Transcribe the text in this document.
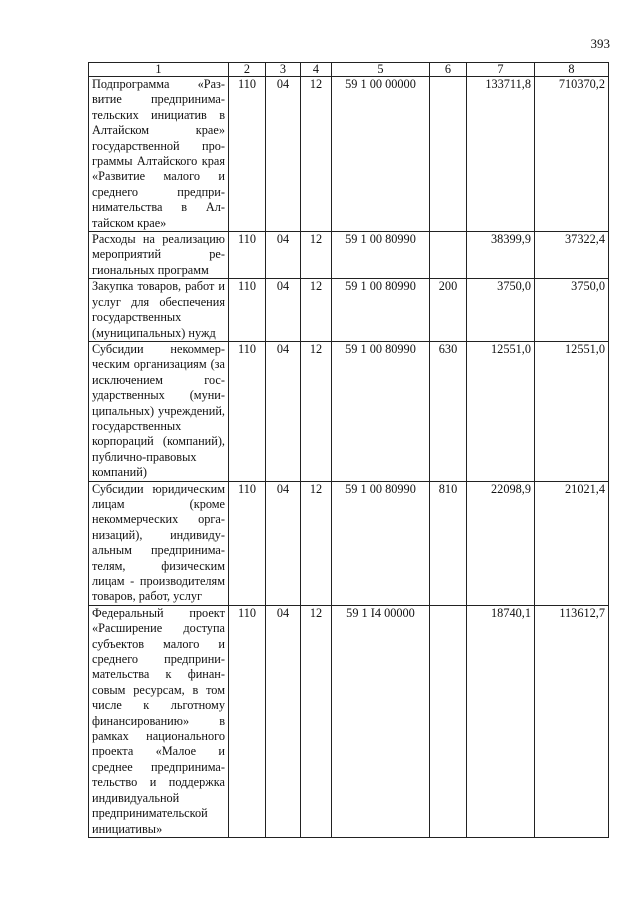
393
1	2	3	4	5	6	7	8
Подпрограмма «Развитие предпринимательских инициатив в Алтайском крае» государственной программы Алтайского края «Развитие малого и среднего предпринимательства в Алтайском крае»	110	04	12	59 1 00 00000		133711,8	710370,2
Расходы на реализацию мероприятий региональных программ	110	04	12	59 1 00 80990		38399,9	37322,4
Закупка товаров, работ и услуг для обеспечения государственных (муниципальных) нужд	110	04	12	59 1 00 80990	200	3750,0	3750,0
Субсидии некоммерческим организациям (за исключением государственных (муниципальных) учреждений, государственных корпораций (компаний), публично-правовых компаний)	110	04	12	59 1 00 80990	630	12551,0	12551,0
Субсидии юридическим лицам (кроме некоммерческих организаций), индивидуальным предпринимателям, физическим лицам - производителям товаров, работ, услуг	110	04	12	59 1 00 80990	810	22098,9	21021,4
Федеральный проект «Расширение доступа субъектов малого и среднего предпринимательства к финансовым ресурсам, в том числе к льготному финансированию» в рамках национального проекта «Малое и среднее предпринимательство и поддержка индивидуальной предпринимательской инициативы»	110	04	12	59 1 I4 00000		18740,1	113612,7
